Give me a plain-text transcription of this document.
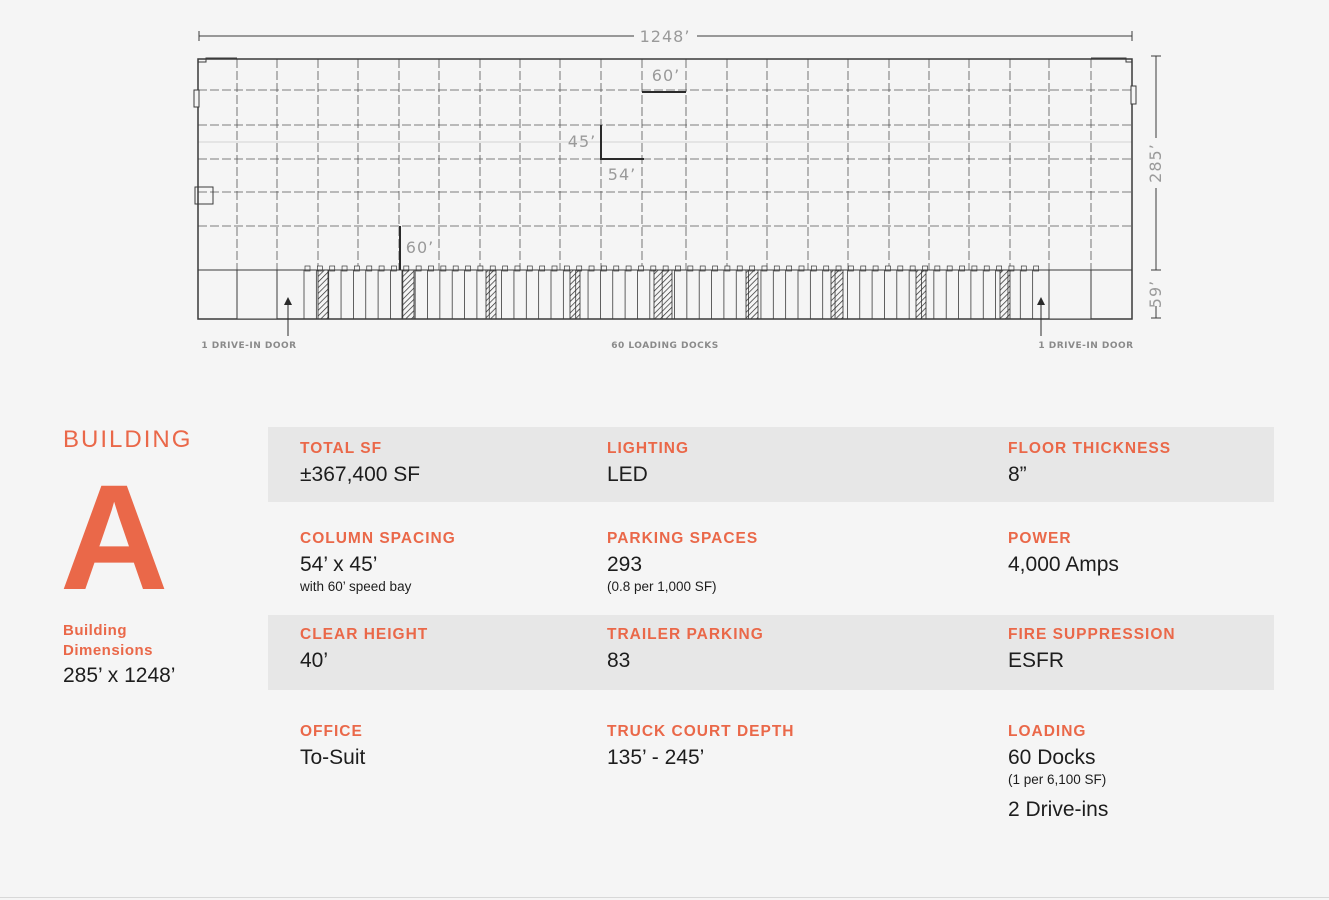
1248’
285’
59’
60’
45’
54’
60’
1 DRIVE-IN DOOR	60 LOADING DOCKS	1 DRIVE-IN DOOR
BUILDING
A
Building Dimensions
285’ x 1248’
TOTAL SF
±367,400 SF
LIGHTING
LED
FLOOR THICKNESS
8”
COLUMN SPACING
54’ x 45’
with 60’ speed bay
PARKING SPACES
293
(0.8 per 1,000 SF)
POWER
4,000 Amps
CLEAR HEIGHT
40’
TRAILER PARKING
83
FIRE SUPPRESSION
ESFR
OFFICE
To-Suit
TRUCK COURT DEPTH
135’ - 245’
LOADING
60 Docks
(1 per 6,100 SF)
2 Drive-ins
